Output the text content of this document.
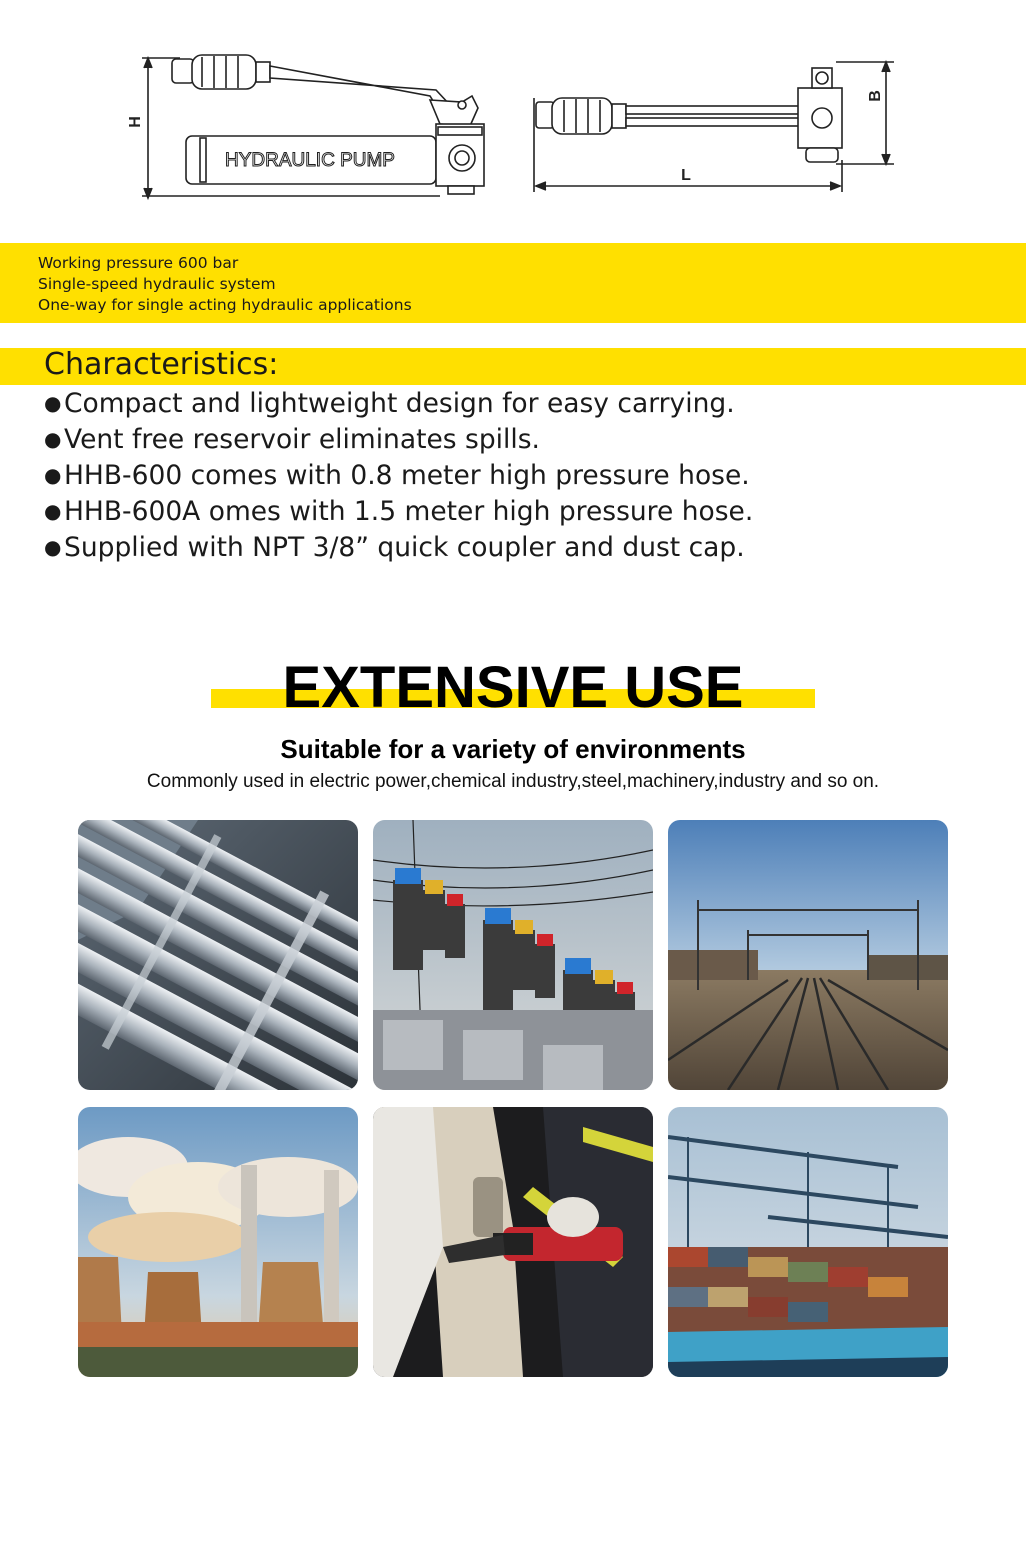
H
B
L
HYDRAULIC PUMP
Working pressure 600 bar
Single-speed hydraulic system
One-way for single acting hydraulic applications
Characteristics:
●Compact and lightweight design for easy carrying.
●Vent free reservoir eliminates spills.
●HHB-600 comes with 0.8 meter high pressure hose.
●HHB-600A omes with 1.5 meter high pressure hose.
●Supplied with NPT 3/8” quick coupler and dust cap.
EXTENSIVE USE
Suitable for a variety of environments
Commonly used in electric power,chemical industry,steel,machinery,industry and so on.
